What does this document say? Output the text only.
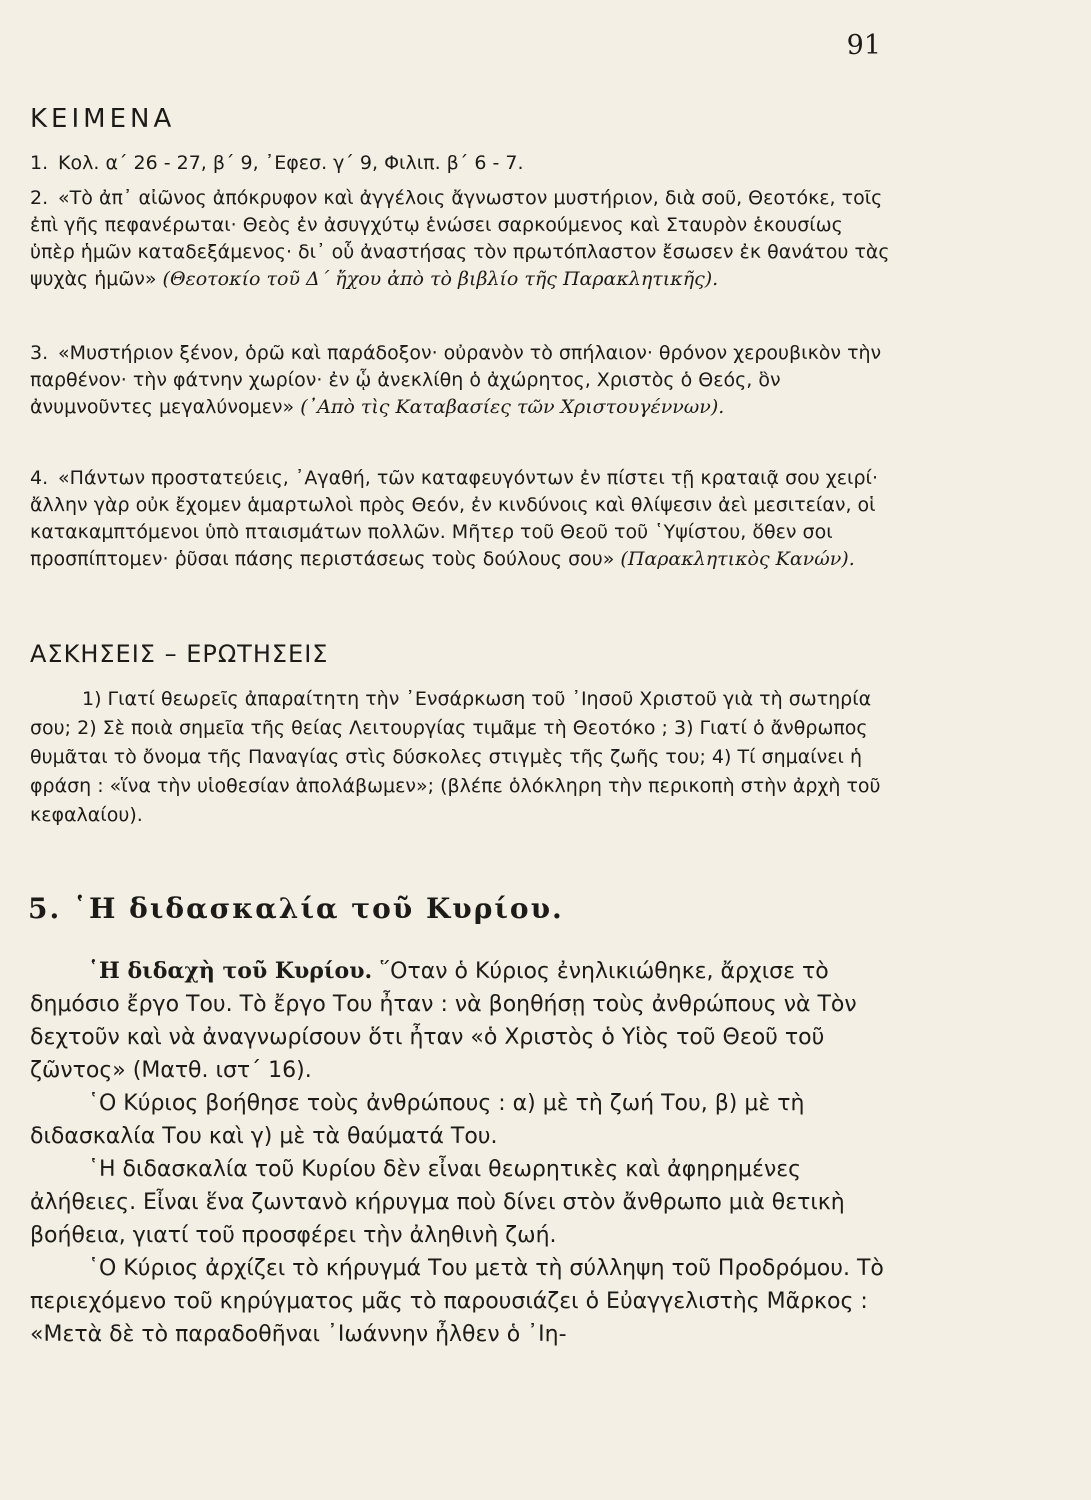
91
ΚΕΙΜΕΝΑ

1. Κολ. α΄ 26 - 27, β΄ 9, ᾽Εφεσ. γ΄ 9, Φιλιπ. β΄ 6 - 7.

2. «Τὸ ἀπ᾽ αἰῶνος ἀπόκρυφον καὶ ἀγγέλοις ἄγνωστον μυστήριον, διὰ σοῦ, Θεοτόκε, τοῖς ἐπὶ γῆς πεφανέρωται· Θεὸς ἐν ἀσυγχύτῳ ἑνώσει σαρκούμενος καὶ Σταυρὸν ἑκουσίως ὑπὲρ ἡμῶν καταδεξάμενος· δι᾽ οὗ ἀναστήσας τὸν πρωτόπλαστον ἔσωσεν ἐκ θανάτου τὰς ψυχὰς ἡμῶν» (Θεοτοκίο τοῦ Δ΄ ἤχου ἀπὸ τὸ βιβλίο τῆς Παρακλητικῆς).

3. «Μυστήριον ξένον, ὁρῶ καὶ παράδοξον· οὐρανὸν τὸ σπήλαιον· θρόνον χερουβικὸν τὴν παρθένον· τὴν φάτνην χωρίον· ἐν ᾧ ἀνεκλίθη ὁ ἀχώρητος, Χριστὸς ὁ Θεός, ὃν ἀνυμνοῦντες μεγαλύνομεν» (᾽Απὸ τὶς Καταβασίες τῶν Χριστουγέννων).

4. «Πάντων προστατεύεις, ᾽Αγαθή, τῶν καταφευγόντων ἐν πίστει τῇ κραταιᾷ σου χειρί· ἄλλην γὰρ οὐκ ἔχομεν ἁμαρτωλοὶ πρὸς Θεόν, ἐν κινδύνοις καὶ θλίψεσιν ἀεὶ μεσιτείαν, οἱ κατακαμπτόμενοι ὑπὸ πταισμάτων πολλῶν. Μῆτερ τοῦ Θεοῦ τοῦ ῾Υψίστου, ὅθεν σοι προσπίπτομεν· ῥῦσαι πάσης περιστάσεως τοὺς δούλους σου» (Παρακλητικὸς Κανών).

ΑΣΚΗΣΕΙΣ – ΕΡΩΤΗΣΕΙΣ

1) Γιατί θεωρεῖς ἀπαραίτητη τὴν ᾽Ενσάρκωση τοῦ ᾽Ιησοῦ Χριστοῦ γιὰ τὴ σωτηρία σου; 2) Σὲ ποιὰ σημεῖα τῆς θείας Λειτουργίας τιμᾶμε τὴ Θεοτόκο ; 3) Γιατί ὁ ἄνθρωπος θυμᾶται τὸ ὄνομα τῆς Παναγίας στὶς δύσκολες στιγμὲς τῆς ζωῆς του; 4) Τί σημαίνει ἡ φράση : «ἵνα τὴν υἱοθεσίαν ἀπολάβωμεν»; (βλέπε ὁλόκληρη τὴν περικοπὴ στὴν ἀρχὴ τοῦ κεφαλαίου).

5. ῾Η διδασκαλία τοῦ Κυρίου.

῾Η διδαχὴ τοῦ Κυρίου. ῞Οταν ὁ Κύριος ἐνηλικιώθηκε, ἄρχισε τὸ δημόσιο ἔργο Του. Τὸ ἔργο Του ἦταν : νὰ βοηθήσῃ τοὺς ἀνθρώπους νὰ Τὸν δεχτοῦν καὶ νὰ ἀναγνωρίσουν ὅτι ἦταν «ὁ Χριστὸς ὁ Υἱὸς τοῦ Θεοῦ τοῦ ζῶντος» (Ματθ. ιστ΄ 16).

῾Ο Κύριος βοήθησε τοὺς ἀνθρώπους : α) μὲ τὴ ζωή Του, β) μὲ τὴ διδασκαλία Του καὶ γ) μὲ τὰ θαύματά Του.

῾Η διδασκαλία τοῦ Κυρίου δὲν εἶναι θεωρητικὲς καὶ ἀφηρημένες ἀλήθειες. Εἶναι ἕνα ζωντανὸ κήρυγμα ποὺ δίνει στὸν ἄνθρωπο μιὰ θετικὴ βοήθεια, γιατί τοῦ προσφέρει τὴν ἀληθινὴ ζωή.

῾Ο Κύριος ἀρχίζει τὸ κήρυγμά Του μετὰ τὴ σύλληψη τοῦ Προδρόμου. Τὸ περιεχόμενο τοῦ κηρύγματος μᾶς τὸ παρουσιάζει ὁ Εὐαγγελιστὴς Μᾶρκος : «Μετὰ δὲ τὸ παραδοθῆναι ᾽Ιωάννην ἦλθεν ὁ ᾽Ιη-
